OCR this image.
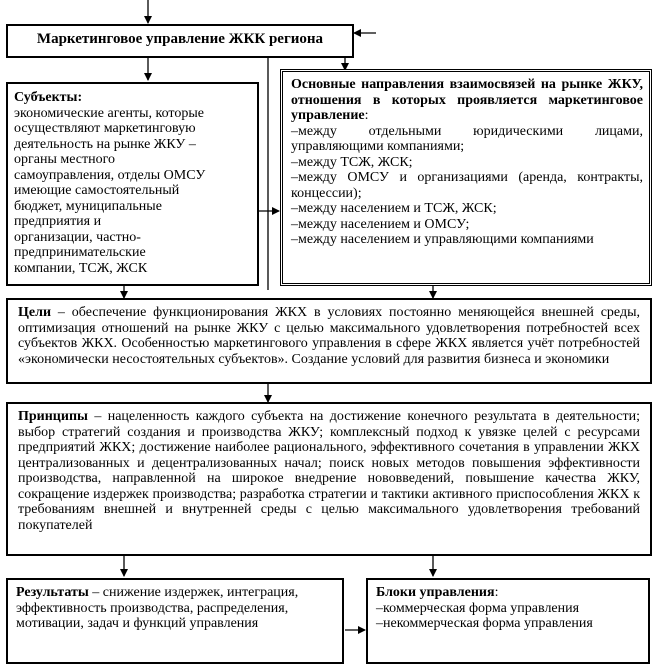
Маркетинговое управление ЖКК региона
Субъекты:
экономические агенты, которые
осуществляют маркетинговую
деятельность на рынке ЖКУ –
органы местного
самоуправления, отделы ОМСУ
имеющие самостоятельный
бюджет, муниципальные
предприятия и
организации, частно-
предпринимательские
компании, ТСЖ, ЖСК
Основные направления взаимосвязей на рынке ЖКУ, отношения в которых проявляется маркетинговое управление:
–между отдельными юридическими лицами, управляющими компаниями;
–между ТСЖ, ЖСК;
–между ОМСУ и организациями (аренда, контракты, концессии);
–между населением и ТСЖ, ЖСК;
–между населением и ОМСУ;
–между населением и управляющими компаниями
Цели – обеспечение функционирования ЖКХ в условиях постоянно меняющейся внешней среды, оптимизация отношений на рынке ЖКУ с целью максимального удовлетворения потребностей всех субъектов ЖКХ. Особенностью маркетингового управления в сфере ЖКХ является учёт потребностей «экономически несостоятельных субъектов». Создание условий для развития бизнеса и экономики
Принципы – нацеленность каждого субъекта на достижение конечного результата в деятельности; выбор стратегий создания и производства ЖКУ; комплексный подход к увязке целей с ресурсами предприятий ЖКХ; достижение наиболее рационального, эффективного сочетания в управлении ЖКХ централизованных и децентрализованных начал; поиск новых методов повышения эффективности производства, направленной на широкое внедрение нововведений, повышение качества ЖКУ, сокращение издержек производства; разработка стратегии и тактики активного приспособления ЖКХ к требованиям внешней и внутренней среды с целью максимального удовлетворения требований покупателей
Результаты – снижение издержек, интеграция, эффективность производства, распределения, мотивации, задач и функций управления
Блоки управления:
–коммерческая форма управления
–некоммерческая форма управления
